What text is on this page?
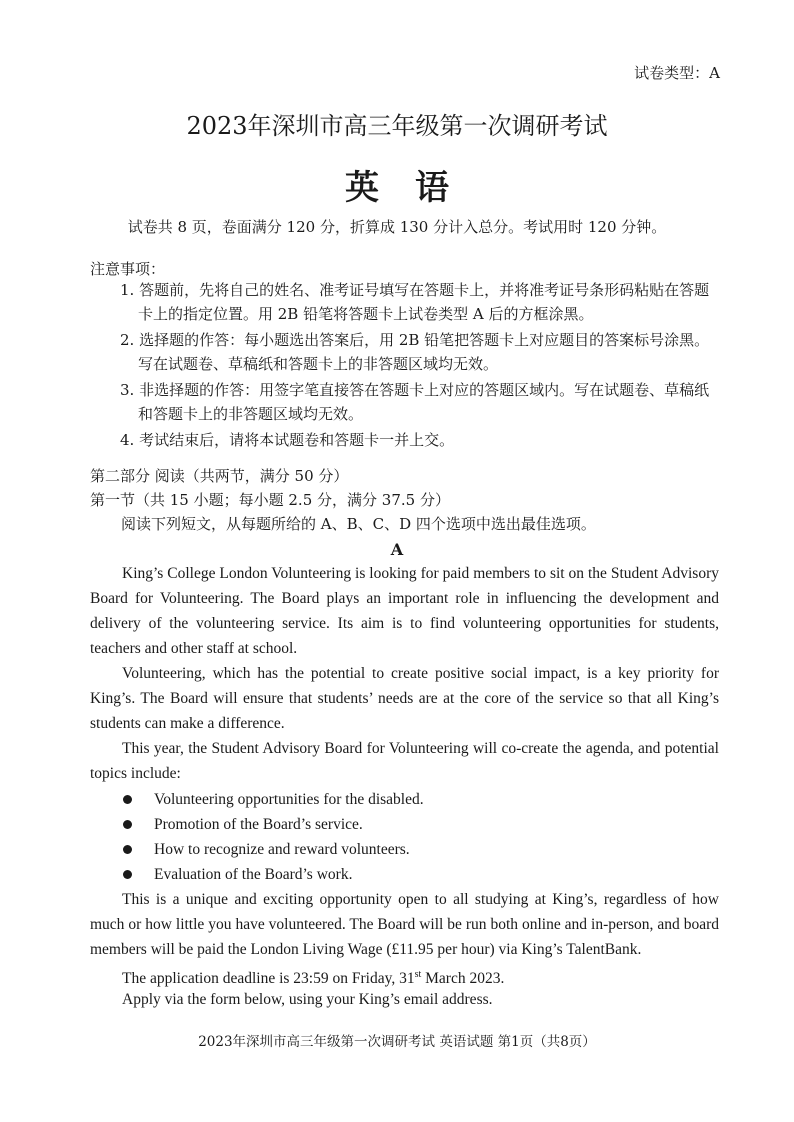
试卷类型：A
2023年深圳市高三年级第一次调研考试
英语
试卷共 8 页，卷面满分 120 分，折算成 130 分计入总分。考试用时 120 分钟。
注意事项：
1. 答题前，先将自己的姓名、准考证号填写在答题卡上，并将准考证号条形码粘贴在答题卡上的指定位置。用 2B 铅笔将答题卡上试卷类型 A 后的方框涂黑。
2. 选择题的作答：每小题选出答案后，用 2B 铅笔把答题卡上对应题目的答案标号涂黑。写在试题卷、草稿纸和答题卡上的非答题区域均无效。
3. 非选择题的作答：用签字笔直接答在答题卡上对应的答题区域内。写在试题卷、草稿纸和答题卡上的非答题区域均无效。
4. 考试结束后，请将本试题卷和答题卡一并上交。
第二部分 阅读（共两节，满分 50 分）
第一节（共 15 小题；每小题 2.5 分，满分 37.5 分）
阅读下列短文，从每题所给的 A、B、C、D 四个选项中选出最佳选项。
A
King’s College London Volunteering is looking for paid members to sit on the Student Advisory Board for Volunteering. The Board plays an important role in influencing the development and delivery of the volunteering service. Its aim is to find volunteering opportunities for students, teachers and other staff at school.
Volunteering, which has the potential to create positive social impact, is a key priority for King’s. The Board will ensure that students’ needs are at the core of the service so that all King’s students can make a difference.
This year, the Student Advisory Board for Volunteering will co-create the agenda, and potential topics include:
Volunteering opportunities for the disabled.
Promotion of the Board’s service.
How to recognize and reward volunteers.
Evaluation of the Board’s work.
This is a unique and exciting opportunity open to all studying at King’s, regardless of how much or how little you have volunteered. The Board will be run both online and in-person, and board members will be paid the London Living Wage (£11.95 per hour) via King’s TalentBank.
The application deadline is 23:59 on Friday, 31st March 2023.
Apply via the form below, using your King’s email address.
2023年深圳市高三年级第一次调研考试 英语试题 第1页（共8页）
